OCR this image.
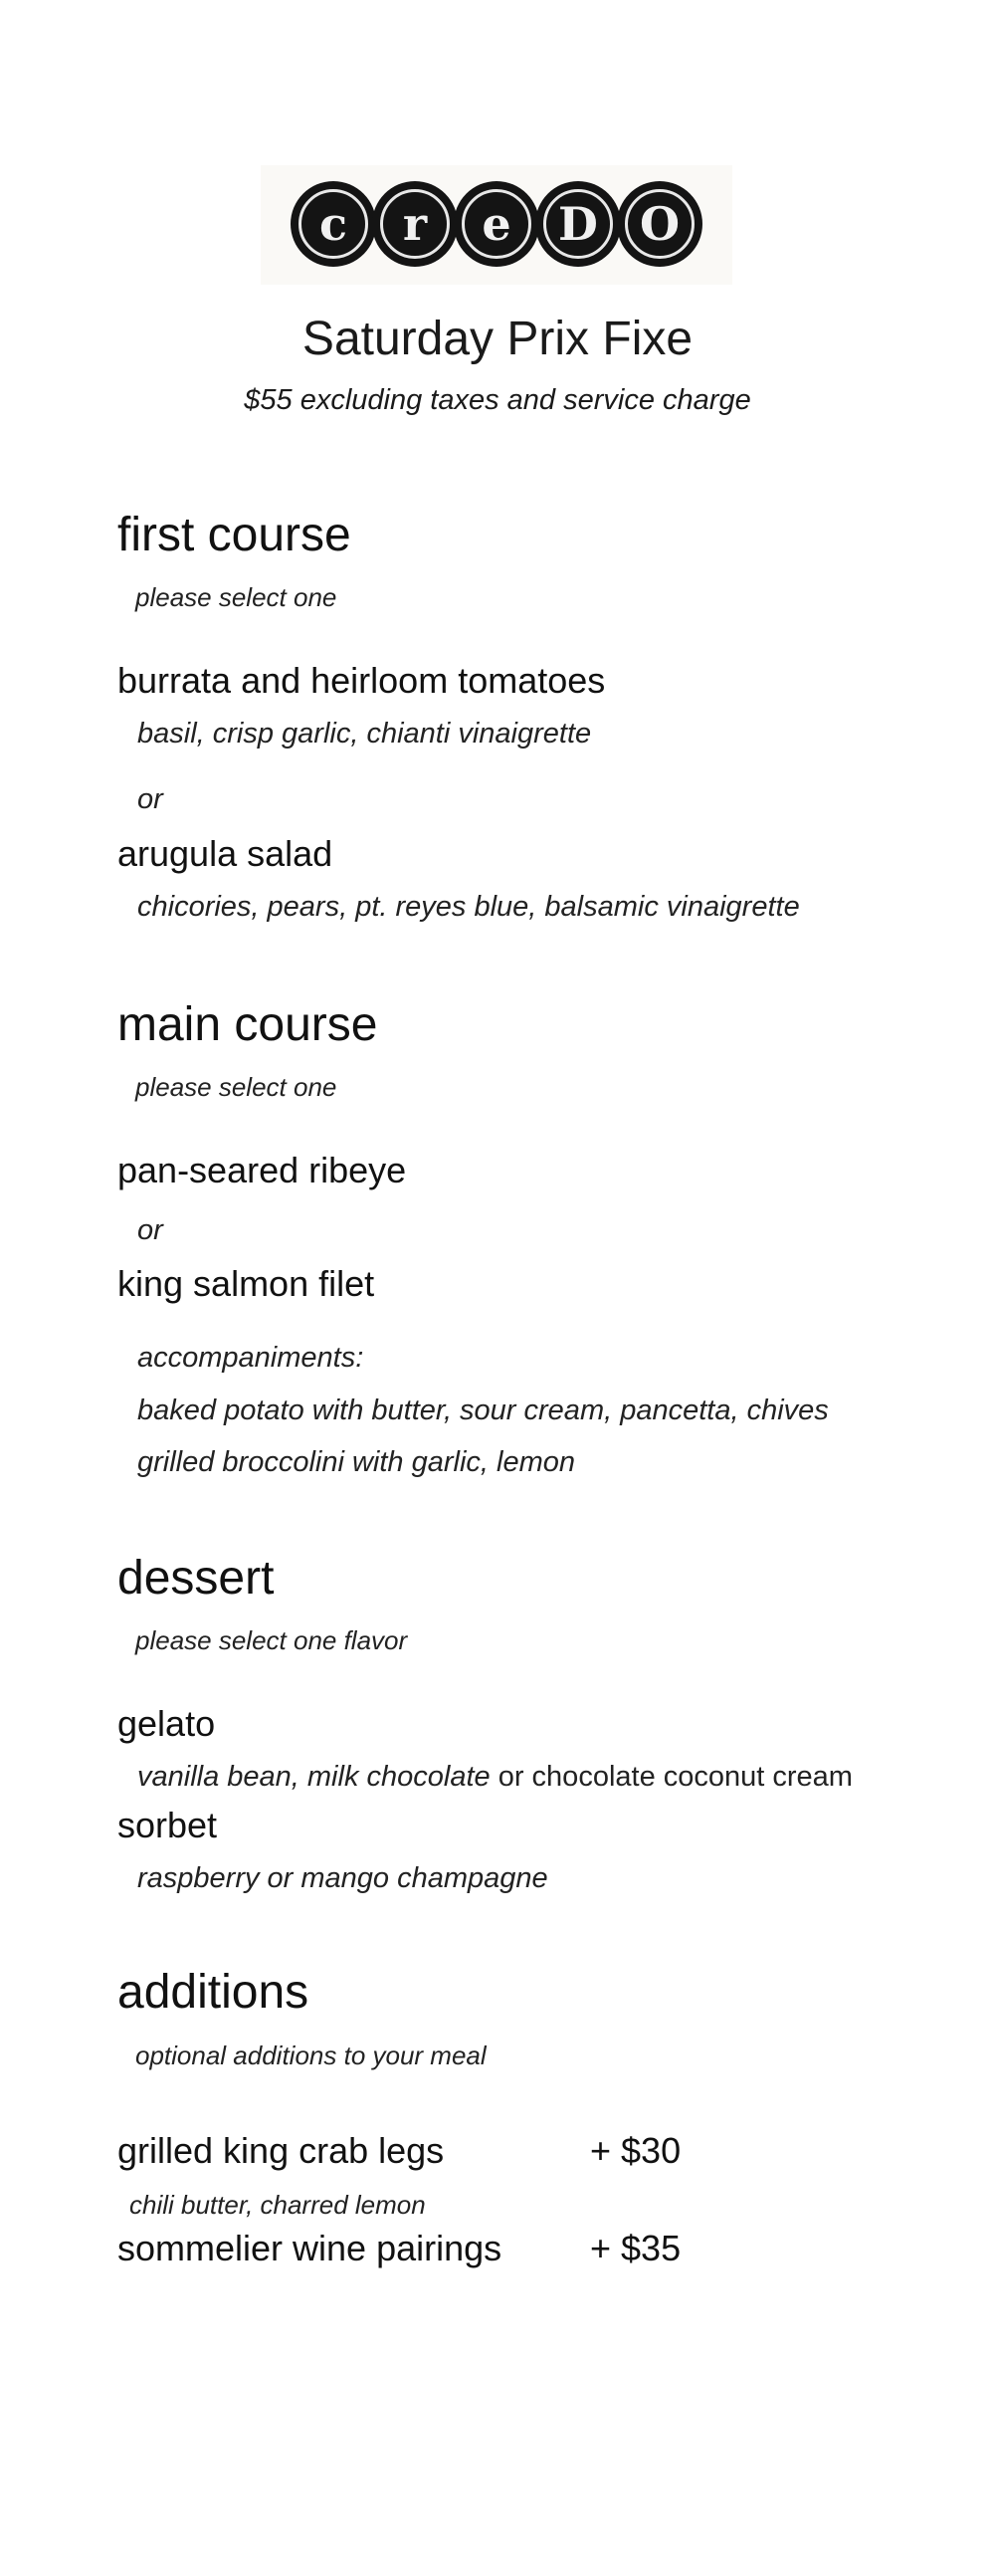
c r e D O
Saturday Prix Fixe
$55 excluding taxes and service charge
first course
please select one
burrata and heirloom tomatoes
basil, crisp garlic, chianti vinaigrette
or
arugula salad
chicories, pears, pt. reyes blue, balsamic vinaigrette
main course
please select one
pan-seared ribeye
or
king salmon filet
accompaniments:
baked potato with butter, sour cream, pancetta, chives
grilled broccolini with garlic, lemon
dessert
please select one flavor
gelato
vanilla bean, milk chocolate or chocolate coconut cream
sorbet
raspberry or mango champagne
additions
optional additions to your meal
grilled king crab legs	+ $30
chili butter, charred lemon
sommelier wine pairings + $35
